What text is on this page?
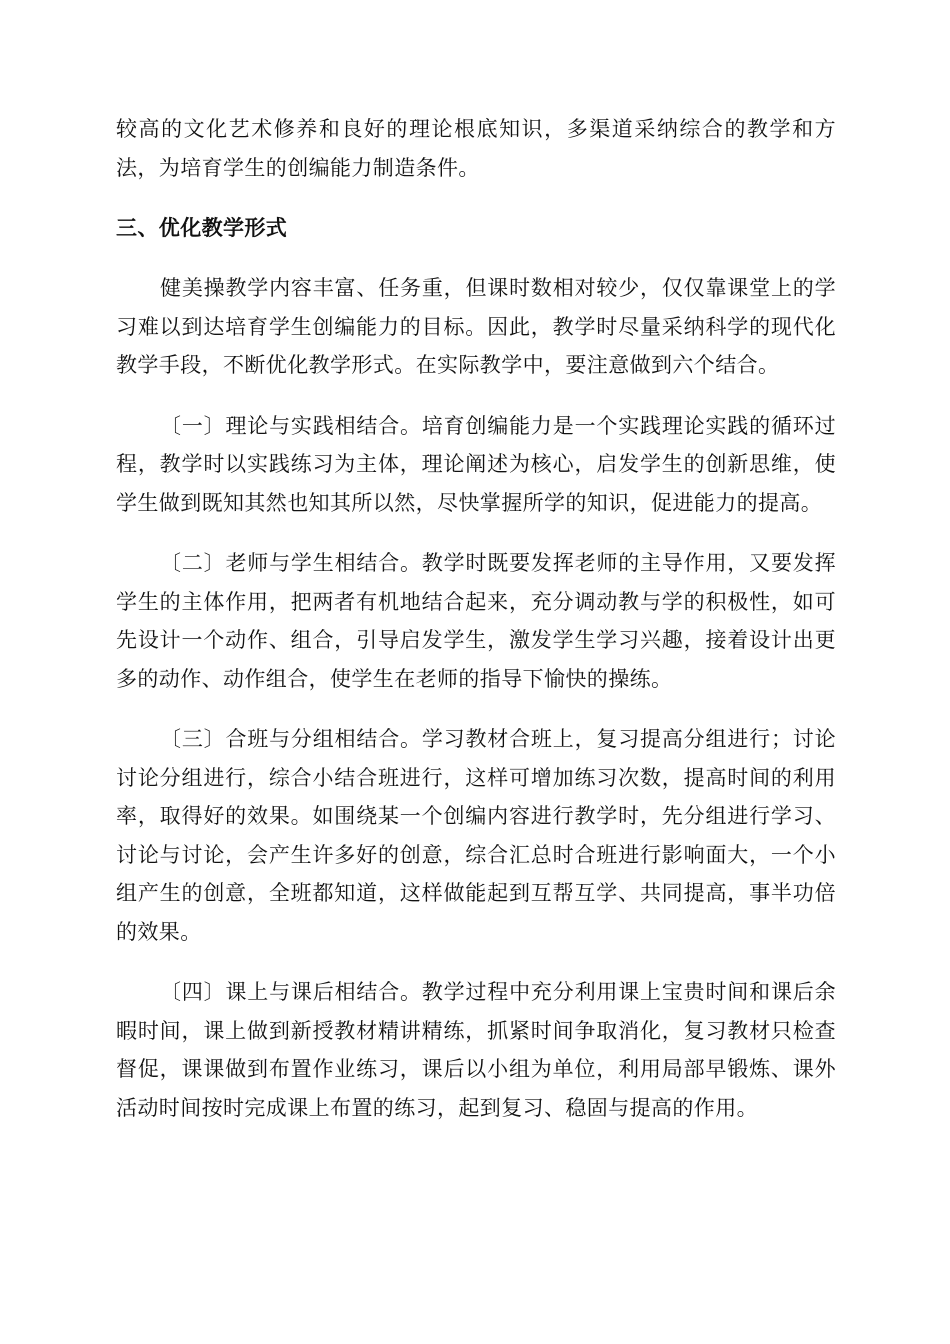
较高的文化艺术修养和良好的理论根底知识，多渠道采纳综合的教学和方法，为培育学生的创编能力制造条件。

三、优化教学形式

健美操教学内容丰富、任务重，但课时数相对较少，仅仅靠课堂上的学习难以到达培育学生创编能力的目标。因此，教学时尽量采纳科学的现代化教学手段，不断优化教学形式。在实际教学中，要注意做到六个结合。

〔一〕理论与实践相结合。培育创编能力是一个实践理论实践的循环过程，教学时以实践练习为主体，理论阐述为核心，启发学生的创新思维，使学生做到既知其然也知其所以然，尽快掌握所学的知识，促进能力的提高。

〔二〕老师与学生相结合。教学时既要发挥老师的主导作用，又要发挥学生的主体作用，把两者有机地结合起来，充分调动教与学的积极性，如可先设计一个动作、组合，引导启发学生，激发学生学习兴趣，接着设计出更多的动作、动作组合，使学生在老师的指导下愉快的操练。

〔三〕合班与分组相结合。学习教材合班上，复习提高分组进行；讨论讨论分组进行，综合小结合班进行，这样可增加练习次数，提高时间的利用率，取得好的效果。如围绕某一个创编内容进行教学时，先分组进行学习、讨论与讨论，会产生许多好的创意，综合汇总时合班进行影响面大，一个小组产生的创意，全班都知道，这样做能起到互帮互学、共同提高，事半功倍的效果。

〔四〕课上与课后相结合。教学过程中充分利用课上宝贵时间和课后余暇时间，课上做到新授教材精讲精练，抓紧时间争取消化，复习教材只检查督促，课课做到布置作业练习，课后以小组为单位，利用局部早锻炼、课外活动时间按时完成课上布置的练习，起到复习、稳固与提高的作用。
